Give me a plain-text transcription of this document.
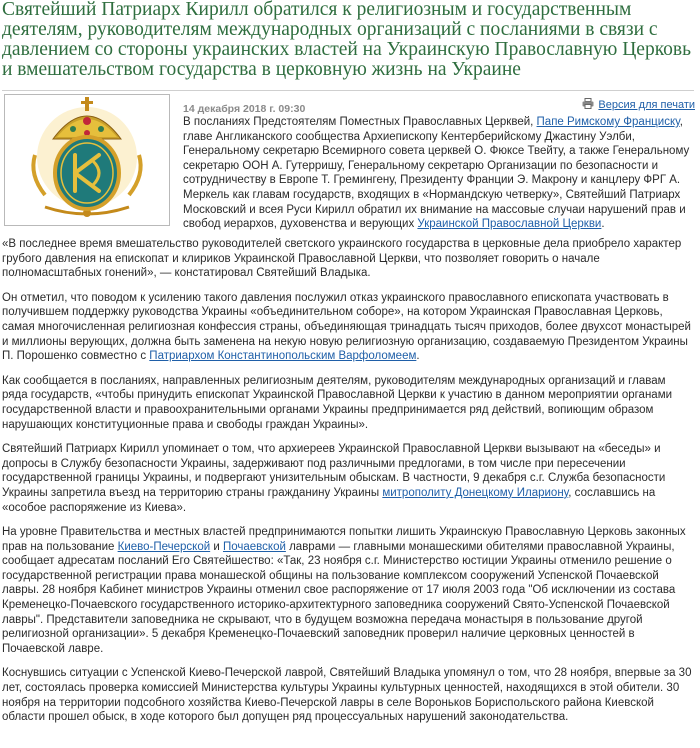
Святейший Патриарх Кирилл обратился к религиозным и государственным деятелям, руководителям международных организаций с посланиями в связи с давлением со стороны украинских властей на Украинскую Православную Церковь и вмешательством государства в церковную жизнь на Украине
14 декабря 2018 г. 09:30	Версия для печати

В посланиях Предстоятелям Поместных Православных Церквей, Папе Римскому Франциску, главе Англиканского сообщества Архиепископу Кентерберийскому Джастину Уэлби, Генеральному секретарю Всемирного совета церквей О. Фюксе Твейту, а также Генеральному секретарю ООН А. Гутерришу, Генеральному секретарю Организации по безопасности и сотрудничеству в Европе Т. Гремингену, Президенту Франции Э. Макрону и канцлеру ФРГ А. Меркель как главам государств, входящих в «Нормандскую четверку», Святейший Патриарх Московский и всея Руси Кирилл обратил их внимание на массовые случаи нарушений прав и свобод иерархов, духовенства и верующих Украинской Православной Церкви.

«В последнее время вмешательство руководителей светского украинского государства в церковные дела приобрело характер грубого давления на епископат и клириков Украинской Православной Церкви, что позволяет говорить о начале полномасштабных гонений», — констатировал Святейший Владыка.

Он отметил, что поводом к усилению такого давления послужил отказ украинского православного епископата участвовать в получившем поддержку руководства Украины «объединительном соборе», на котором Украинская Православная Церковь, самая многочисленная религиозная конфессия страны, объединяющая тринадцать тысяч приходов, более двухсот монастырей и миллионы верующих, должна быть заменена на некую новую религиозную организацию, создаваемую Президентом Украины П. Порошенко совместно с Патриархом Константинопольским Варфоломеем.

Как сообщается в посланиях, направленных религиозным деятелям, руководителям международных организаций и главам ряда государств, «чтобы принудить епископат Украинской Православной Церкви к участию в данном мероприятии органами государственной власти и правоохранительными органами Украины предпринимается ряд действий, вопиющим образом нарушающих конституционные права и свободы граждан Украины».

Святейший Патриарх Кирилл упоминает о том, что архиереев Украинской Православной Церкви вызывают на «беседы» и допросы в Службу безопасности Украины, задерживают под различными предлогами, в том числе при пересечении государственной границы Украины, и подвергают унизительным обыскам. В частности, 9 декабря с.г. Служба безопасности Украины запретила въезд на территорию страны гражданину Украины митрополиту Донецкому Илариону, сославшись на «особое распоряжение из Киева».

На уровне Правительства и местных властей предпринимаются попытки лишить Украинскую Православную Церковь законных прав на пользование Киево-Печерской и Почаевской лаврами — главными монашескими обителями православной Украины, сообщает адресатам посланий Его Святейшество: «Так, 23 ноября с.г. Министерство юстиции Украины отменило решение о государственной регистрации права монашеской общины на пользование комплексом сооружений Успенской Почаевской лавры. 28 ноября Кабинет министров Украины отменил свое распоряжение от 17 июля 2003 года "Об исключении из состава Кременецко-Почаевского государственного историко-архитектурного заповедника сооружений Свято-Успенской Почаевской лавры". Представители заповедника не скрывают, что в будущем возможна передача монастыря в пользование другой религиозной организации». 5 декабря Кременецко-Почаевский заповедник проверил наличие церковных ценностей в Почаевской лавре.

Коснувшись ситуации с Успенской Киево-Печерской лаврой, Святейший Владыка упомянул о том, что 28 ноября, впервые за 30 лет, состоялась проверка комиссией Министерства культуры Украины культурных ценностей, находящихся в этой обители. 30 ноября на территории подсобного хозяйства Киево-Печерской лавры в селе Вороньков Бориспольского района Киевской области прошел обыск, в ходе которого был допущен ряд процессуальных нарушений законодательства.
